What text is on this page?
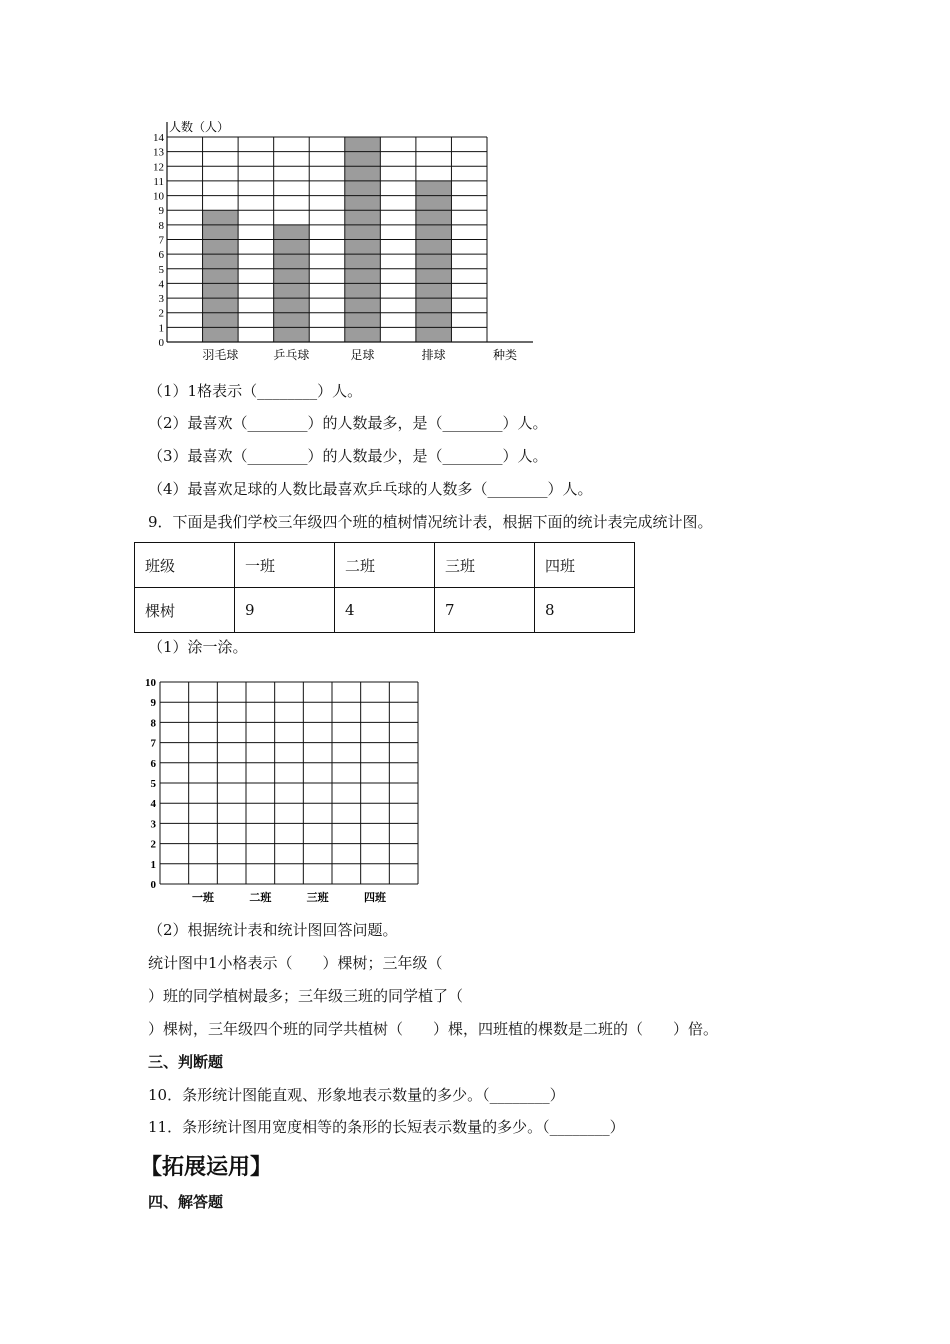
0
1
2
3
4
5
6
7
8
9
10
11
12
13
14
人数（人）
羽毛球	乒乓球	足球	排球	种类
（1）1格表示（________）人。
（2）最喜欢（________）的人数最多，是（________）人。
（3）最喜欢（________）的人数最少，是（________）人。
（4）最喜欢足球的人数比最喜欢乒乓球的人数多（________）人。
9．下面是我们学校三年级四个班的植树情况统计表，根据下面的统计表完成统计图。
班级	一班	二班	三班	四班
棵树	9	4	7	8
（1）涂一涂。
0
1
2
3
4
5
6
7
8
9
10
一班	二班	三班	四班
（2）根据统计表和统计图回答问题。
统计图中1小格表示（　　）棵树；三年级（
）班的同学植树最多；三年级三班的同学植了（
）棵树，三年级四个班的同学共植树（　　）棵，四班植的棵数是二班的（　　）倍。
三、判断题
10．条形统计图能直观、形象地表示数量的多少。（________）
11．条形统计图用宽度相等的条形的长短表示数量的多少。（________）
【拓展运用】
四、解答题
